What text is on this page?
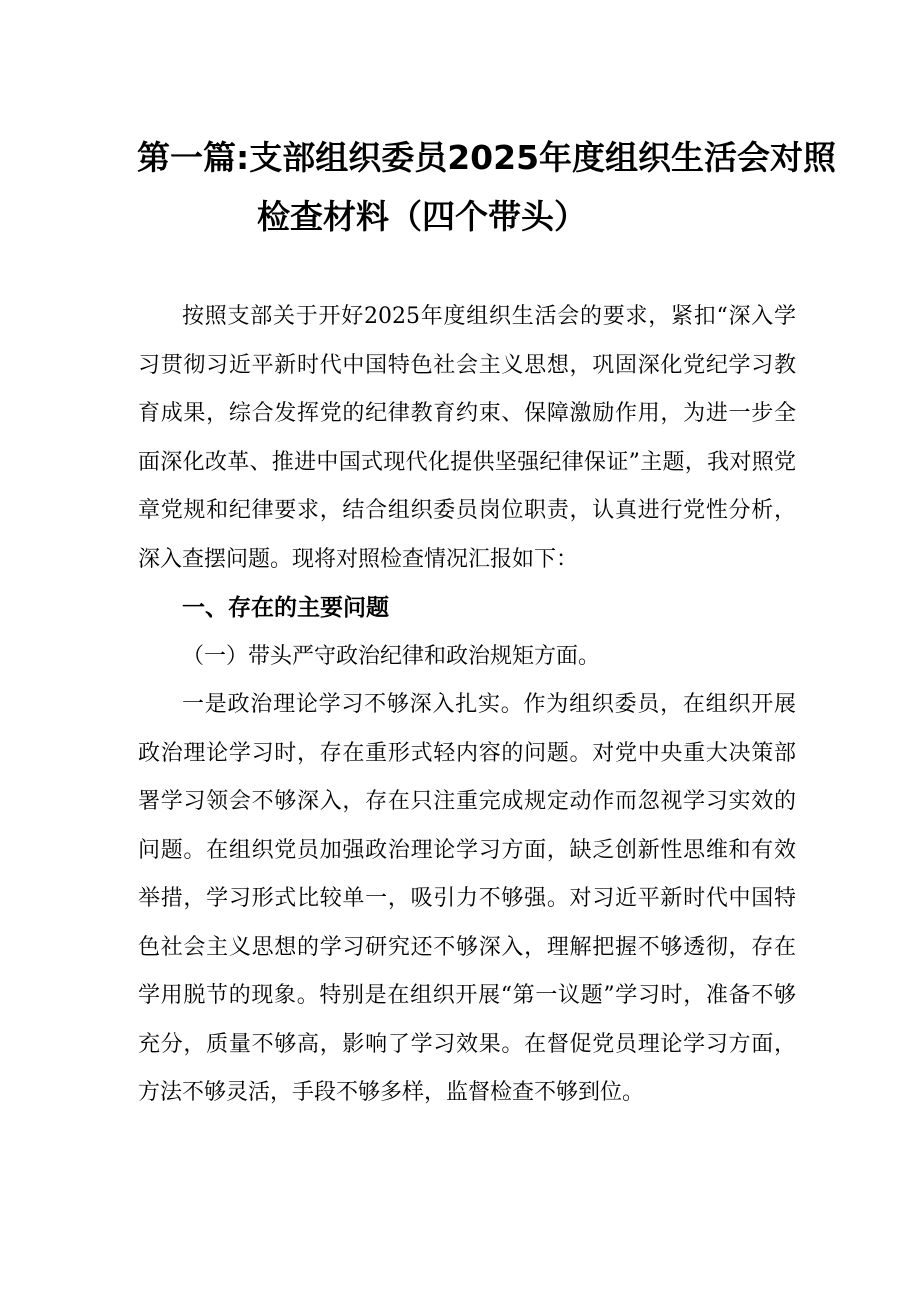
第一篇:支部组织委员2025年度组织生活会对照
检查材料（四个带头）

按照支部关于开好2025年度组织生活会的要求，紧扣“深入学习贯彻习近平新时代中国特色社会主义思想，巩固深化党纪学习教育成果，综合发挥党的纪律教育约束、保障激励作用，为进一步全面深化改革、推进中国式现代化提供坚强纪律保证”主题，我对照党章党规和纪律要求，结合组织委员岗位职责，认真进行党性分析，深入查摆问题。现将对照检查情况汇报如下：

一、存在的主要问题

（一）带头严守政治纪律和政治规矩方面。

一是政治理论学习不够深入扎实。作为组织委员，在组织开展政治理论学习时，存在重形式轻内容的问题。对党中央重大决策部署学习领会不够深入，存在只注重完成规定动作而忽视学习实效的问题。在组织党员加强政治理论学习方面，缺乏创新性思维和有效举措，学习形式比较单一，吸引力不够强。对习近平新时代中国特色社会主义思想的学习研究还不够深入，理解把握不够透彻，存在学用脱节的现象。特别是在组织开展“第一议题”学习时，准备不够充分，质量不够高，影响了学习效果。在督促党员理论学习方面，方法不够灵活，手段不够多样，监督检查不够到位。
